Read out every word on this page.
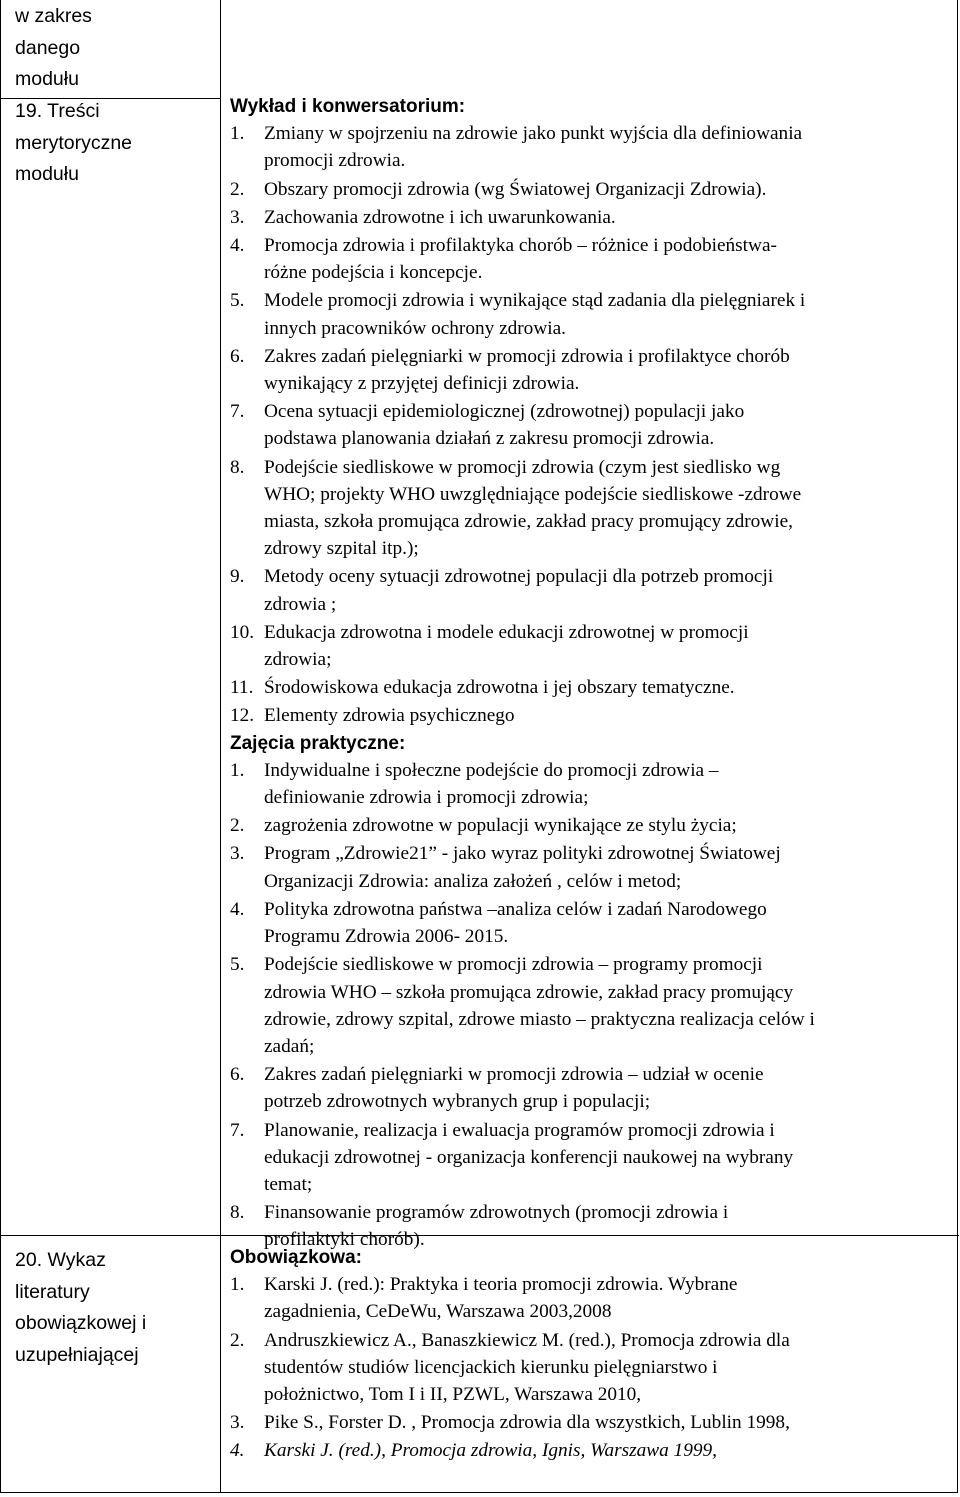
w zakres
danego
modułu
19. Treści
merytoryczne
modułu
Wykład i konwersatorium:
1. Zmiany w spojrzeniu na zdrowie jako punkt wyjścia dla definiowania
promocji zdrowia.
2. Obszary promocji zdrowia (wg Światowej Organizacji Zdrowia).
3. Zachowania zdrowotne i ich uwarunkowania.
4. Promocja zdrowia i profilaktyka chorób – różnice i podobieństwa-
różne podejścia i koncepcje.
5. Modele promocji zdrowia i wynikające stąd zadania dla pielęgniarek i
innych pracowników ochrony zdrowia.
6. Zakres zadań pielęgniarki w promocji zdrowia i profilaktyce chorób
wynikający z przyjętej definicji zdrowia.
7. Ocena sytuacji epidemiologicznej (zdrowotnej) populacji jako
podstawa planowania działań z zakresu promocji zdrowia.
8. Podejście siedliskowe w promocji zdrowia (czym jest siedlisko wg
WHO; projekty WHO uwzględniające podejście siedliskowe -zdrowe
miasta, szkoła promująca zdrowie, zakład pracy promujący zdrowie,
zdrowy szpital itp.);
9. Metody oceny sytuacji zdrowotnej populacji dla potrzeb promocji
zdrowia ;
10. Edukacja zdrowotna i modele edukacji zdrowotnej w promocji
zdrowia;
11. Środowiskowa edukacja zdrowotna i jej obszary tematyczne.
12. Elementy zdrowia psychicznego
Zajęcia praktyczne:
1. Indywidualne i społeczne podejście do promocji zdrowia –
definiowanie zdrowia i promocji zdrowia;
2. zagrożenia zdrowotne w populacji wynikające ze stylu życia;
3. Program „Zdrowie21” - jako wyraz polityki zdrowotnej Światowej
Organizacji Zdrowia: analiza założeń , celów i metod;
4. Polityka zdrowotna państwa –analiza celów i zadań Narodowego
Programu Zdrowia 2006- 2015.
5. Podejście siedliskowe w promocji zdrowia – programy promocji
zdrowia WHO – szkoła promująca zdrowie, zakład pracy promujący
zdrowie, zdrowy szpital, zdrowe miasto – praktyczna realizacja celów i
zadań;
6. Zakres zadań pielęgniarki w promocji zdrowia – udział w ocenie
potrzeb zdrowotnych wybranych grup i populacji;
7. Planowanie, realizacja i ewaluacja programów promocji zdrowia i
edukacji zdrowotnej - organizacja konferencji naukowej na wybrany
temat;
8. Finansowanie programów zdrowotnych (promocji zdrowia i
profilaktyki chorób).
20. Wykaz
literatury
obowiązkowej i
uzupełniającej
Obowiązkowa:
1. Karski J. (red.): Praktyka i teoria promocji zdrowia. Wybrane
zagadnienia, CeDeWu, Warszawa 2003,2008
2. Andruszkiewicz A., Banaszkiewicz M. (red.), Promocja zdrowia dla
studentów studiów licencjackich kierunku pielęgniarstwo i
położnictwo, Tom I i II, PZWL, Warszawa 2010,
3. Pike S., Forster D. , Promocja zdrowia dla wszystkich, Lublin 1998,
4. Karski J. (red.), Promocja zdrowia, Ignis, Warszawa 1999,
